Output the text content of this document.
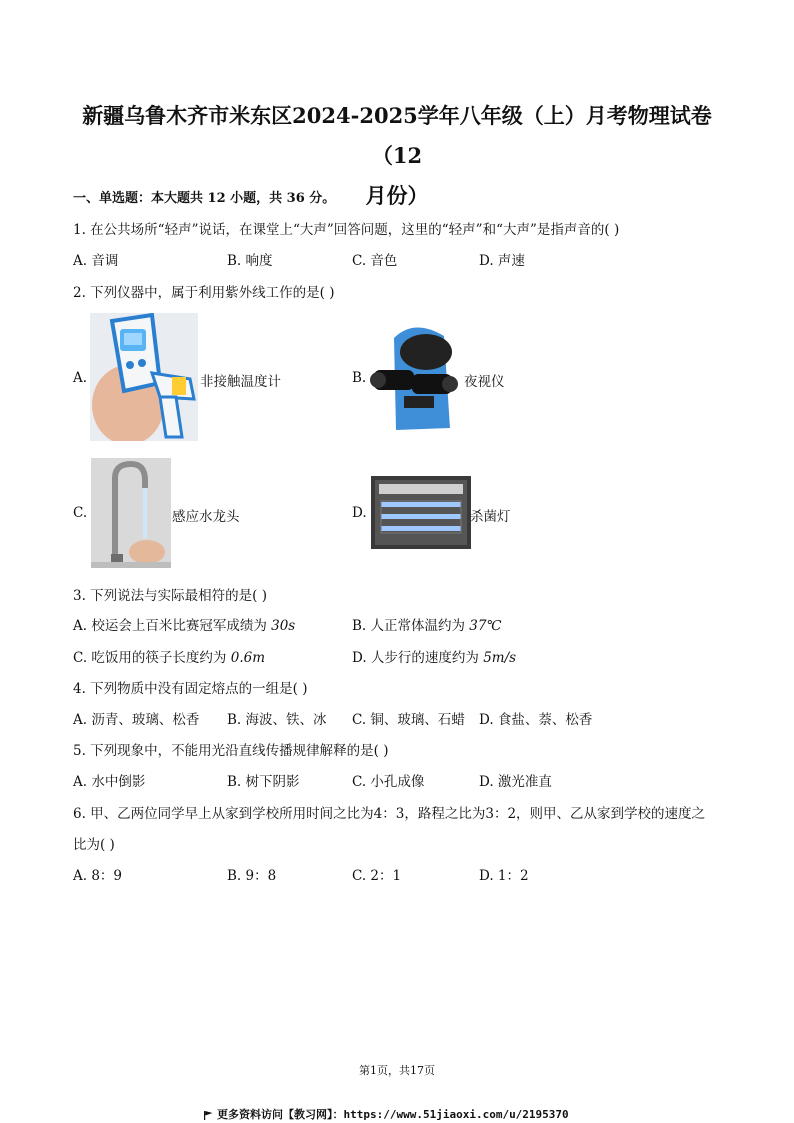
新疆乌鲁木齐市米东区2024-2025学年八年级（上）月考物理试卷（12
月份）
一、单选题：本大题共 12 小题，共 36 分。
1. 在公共场所“轻声”说话，在课堂上“大声”回答问题，这里的“轻声”和“大声”是指声音的( )
A. 音调	B. 响度	C. 音色	D. 声速
2. 下列仪器中，属于利用紫外线工作的是( )
A.	非接触温度计	B.	夜视仪
C.	感应水龙头	D.	杀菌灯
3. 下列说法与实际最相符的是( )
A. 校运会上百米比赛冠军成绩为 30s	B. 人正常体温约为 37℃
C. 吃饭用的筷子长度约为 0.6m	D. 人步行的速度约为 5m/s
4. 下列物质中没有固定熔点的一组是( )
A. 沥青、玻璃、松香 B. 海波、铁、冰 C. 铜、玻璃、石蜡 D. 食盐、萘、松香
5. 下列现象中，不能用光沿直线传播规律解释的是( )
A. 水中倒影	B. 树下阴影	C. 小孔成像	D. 激光准直
6. 甲、乙两位同学早上从家到学校所用时间之比为4：3，路程之比为3：2，则甲、乙从家到学校的速度之
比为( )
A. 8：9	B. 9：8	C. 2：1	D. 1：2
第1页，共17页
更多资料访问【教习网】：https://www.51jiaoxi.com/u/2195370
